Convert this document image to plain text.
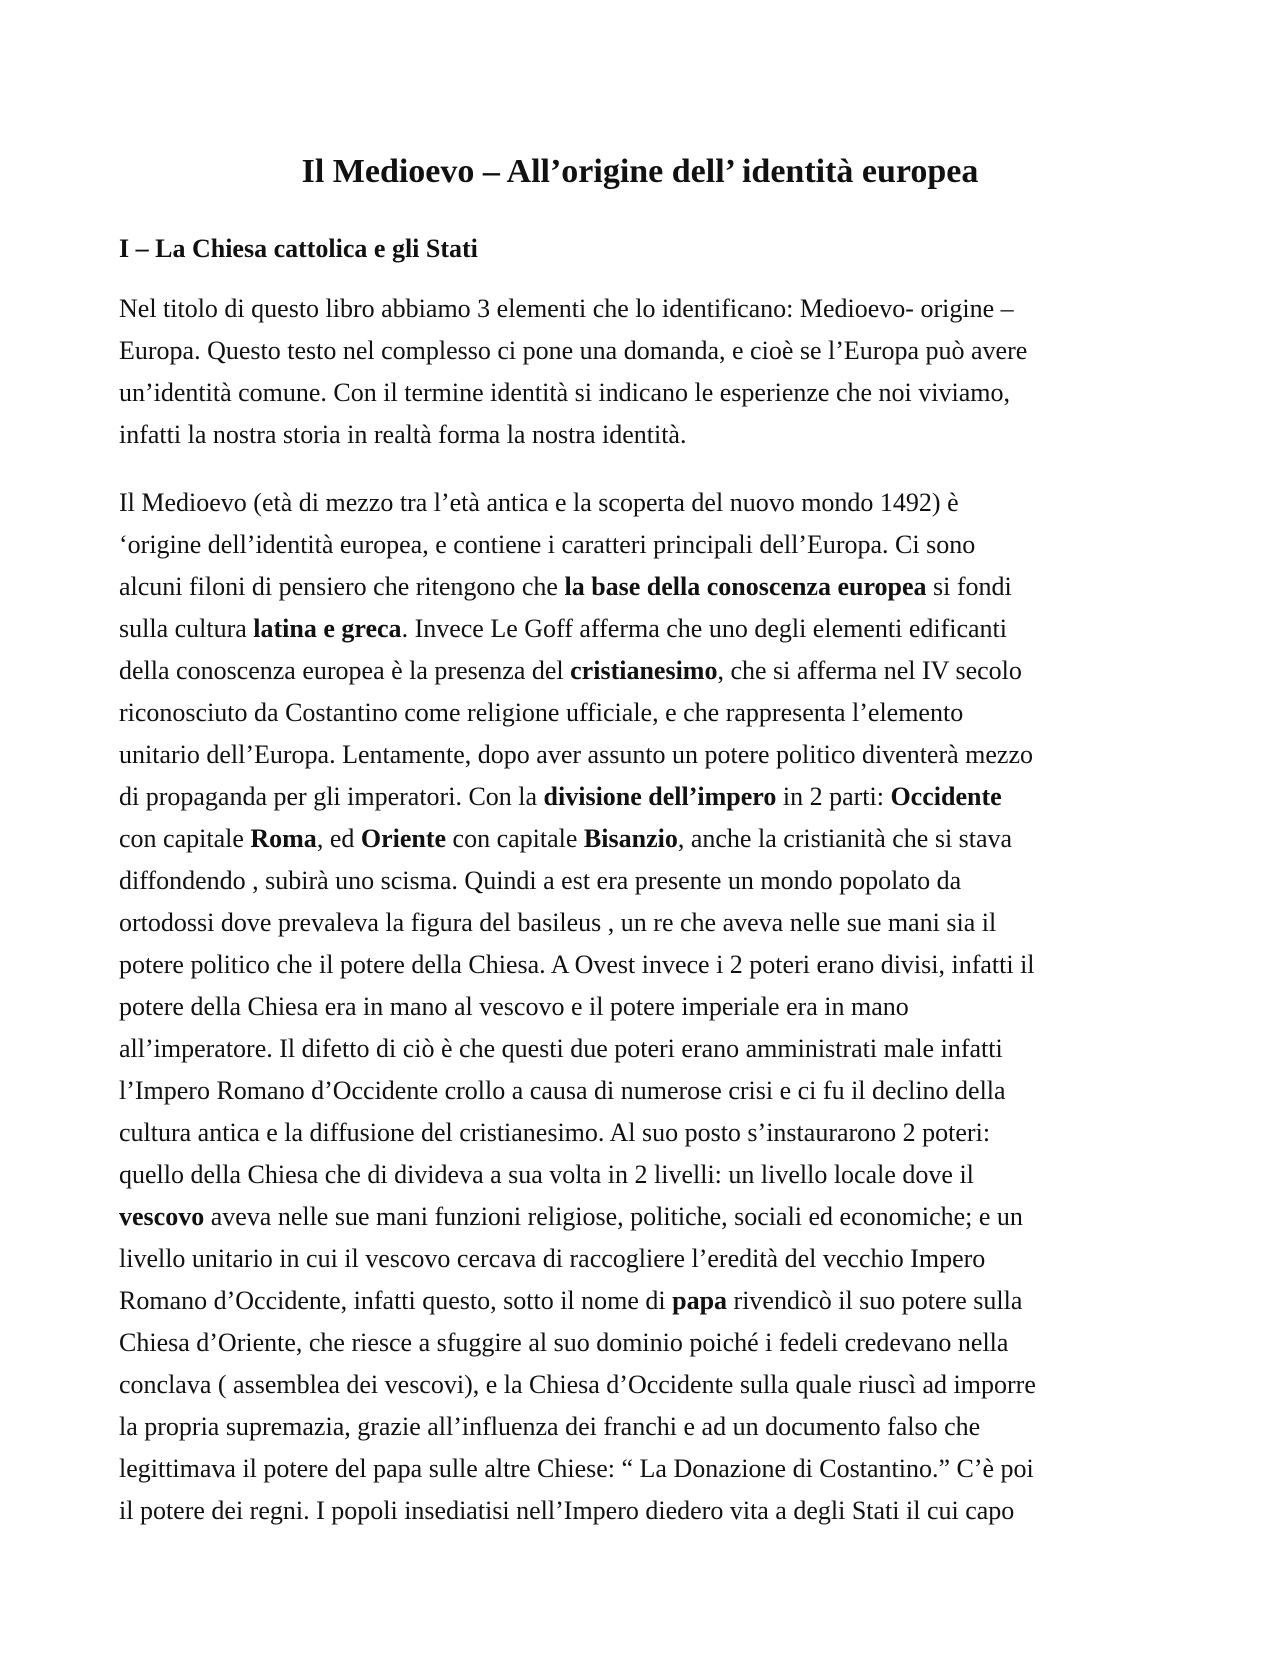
Il Medioevo – All’origine dell’ identità europea
I – La Chiesa cattolica e gli Stati

Nel titolo di questo libro abbiamo 3 elementi che lo identificano: Medioevo- origine –
Europa. Questo testo nel complesso ci pone una domanda, e cioè se l’Europa può avere
un’identità comune. Con il termine identità si indicano le esperienze che noi viviamo,
infatti la nostra storia in realtà forma la nostra identità.

Il Medioevo (età di mezzo tra l’età antica e la scoperta del nuovo mondo 1492) è
‘origine dell’identità europea, e contiene i caratteri principali dell’Europa. Ci sono
alcuni filoni di pensiero che ritengono che la base della conoscenza europea si fondi
sulla cultura latina e greca. Invece Le Goff afferma che uno degli elementi edificanti
della conoscenza europea è la presenza del cristianesimo, che si afferma nel IV secolo
riconosciuto da Costantino come religione ufficiale, e che rappresenta l’elemento
unitario dell’Europa. Lentamente, dopo aver assunto un potere politico diventerà mezzo
di propaganda per gli imperatori. Con la divisione dell’impero in 2 parti: Occidente
con capitale Roma, ed Oriente con capitale Bisanzio, anche la cristianità che si stava
diffondendo , subirà uno scisma. Quindi a est era presente un mondo popolato da
ortodossi dove prevaleva la figura del basileus , un re che aveva nelle sue mani sia il
potere politico che il potere della Chiesa. A Ovest invece i 2 poteri erano divisi, infatti il
potere della Chiesa era in mano al vescovo e il potere imperiale era in mano
all’imperatore. Il difetto di ciò è che questi due poteri erano amministrati male infatti
l’Impero Romano d’Occidente crollo a causa di numerose crisi e ci fu il declino della
cultura antica e la diffusione del cristianesimo. Al suo posto s’instaurarono 2 poteri:
quello della Chiesa che di divideva a sua volta in 2 livelli: un livello locale dove il
vescovo aveva nelle sue mani funzioni religiose, politiche, sociali ed economiche; e un
livello unitario in cui il vescovo cercava di raccogliere l’eredità del vecchio Impero
Romano d’Occidente, infatti questo, sotto il nome di papa rivendicò il suo potere sulla
Chiesa d’Oriente, che riesce a sfuggire al suo dominio poiché i fedeli credevano nella
conclava ( assemblea dei vescovi), e la Chiesa d’Occidente sulla quale riuscì ad imporre
la propria supremazia, grazie all’influenza dei franchi e ad un documento falso che
legittimava il potere del papa sulle altre Chiese: “ La Donazione di Costantino.” C’è poi
il potere dei regni. I popoli insediatisi nell’Impero diedero vita a degli Stati il cui capo
